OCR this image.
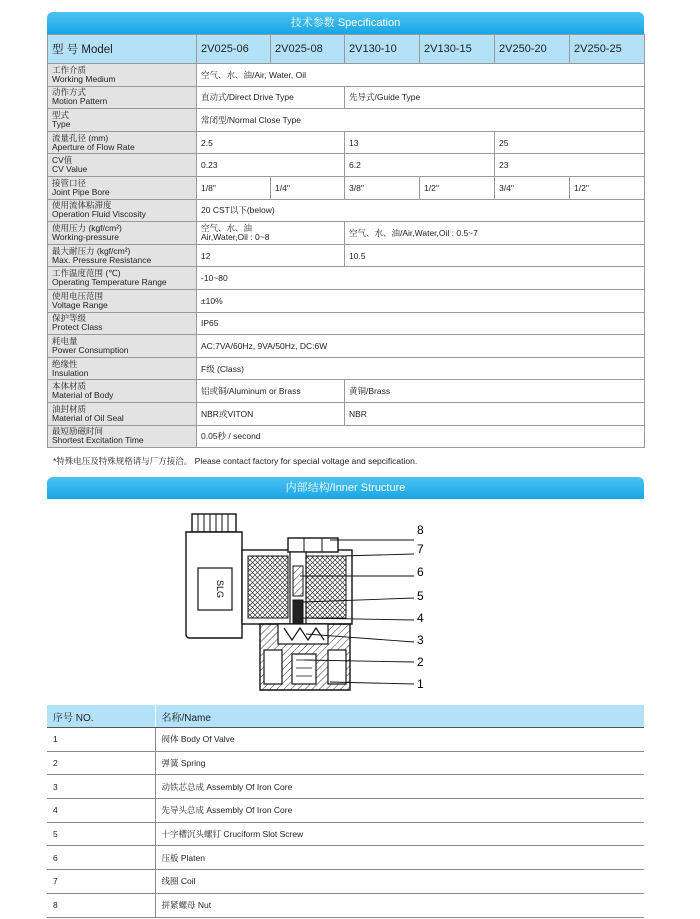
技术参数 Specification
型 号 Model	2V025-06	2V025-08	2V130-10	2V130-15	2V250-20	2V250-25

工作介质
Working Medium	空气、水、油/Air, Water, Oil					

动作方式
Motion Pattern	直动式/Direct Drive Type		先导式/Guide Type			

型式
Type	常闭型/Normal Close Type					

流量孔径 (mm)
Aperture of Flow Rate	2.5		13		25	

CV值
CV Value	0.23		6.2		23	

接管口径
Joint Pipe Bore	1/8"	1/4"	3/8"	1/2"	3/4"	1/2"

使用流体粘滞度
Operation Fluid Viscosity	20 CST以下(below)					

使用压力 (kgf/cm²)
Working-pressure	空气、水、油
Air,Water,Oil : 0~8		空气、水、油/Air,Water,Oil : 0.5~7			

最大耐压力 (kgf/cm²)
Max. Pressure Resistance	12		10.5			

工作温度范围 (℃)
Operating Temperature Range	-10~80					

使用电压范围
Voltage Range	±10%					

保护等级
Protect Class	IP65					

耗电量
Power Consumption	AC:7VA/60Hz, 9VA/50Hz, DC:6W					

绝缘性
Insulation	F级 (Class)					

本体材质
Material of Body	铝或铜/Aluminum or Brass		黄铜/Brass			

油封材质
Material of Oil Seal	NBR或VITON		NBR			

最短励磁时间
Shortest Excitation Time	0.05秒 / second					
*特殊电压及特殊规格请与厂方接洽。 Please contact factory for special voltage and sepcification.
内部结构/Inner Structure
SLG
8
7
6
5
4
3
2
1
序号 NO.	名称/Name
1	阀体 Body Of Valve
2	弹簧 Spring
3	动铁芯总成 Assembly Of Iron Core
4	先导头总成 Assembly Of Iron Core
5	十字槽沉头螺钉 Cruciform Slot Screw
6	压板 Platen
7	线圈 Coil
8	拼紧螺母 Nut
